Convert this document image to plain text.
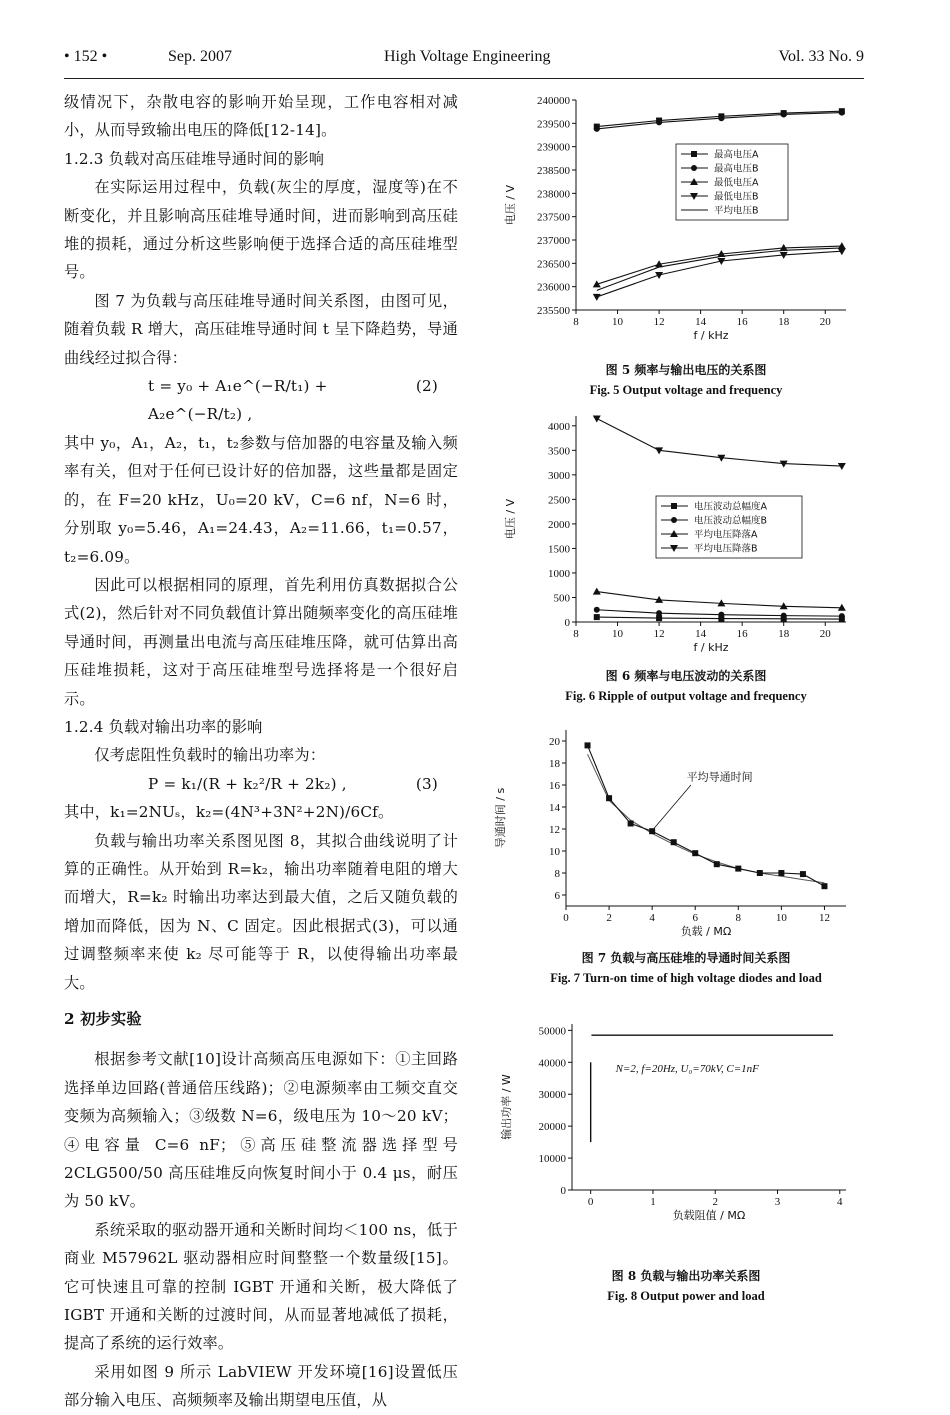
• 152 •	Sep. 2007	High Voltage Engineering	Vol. 33 No. 9

级情况下，杂散电容的影响开始呈现，工作电容相对减小，从而导致输出电压的降低[12-14]。

1.2.3 负载对高压硅堆导通时间的影响

在实际运用过程中，负载(灰尘的厚度，湿度等)在不断变化，并且影响高压硅堆导通时间，进而影响到高压硅堆的损耗，通过分析这些影响便于选择合适的高压硅堆型号。

图 7 为负载与高压硅堆导通时间关系图，由图可见，随着负载 R 增大，高压硅堆导通时间 t 呈下降趋势，导通曲线经过拟合得：

t = y₀ + A₁e^(−R/t₁) + A₂e^(−R/t₂) ,
(2)

其中 y₀，A₁，A₂，t₁，t₂参数与倍加器的电容量及输入频率有关，但对于任何已设计好的倍加器，这些量都是固定的，在 F=20 kHz，U₀=20 kV，C=6 nf，N=6 时，分别取 y₀=5.46，A₁=24.43，A₂=11.66，t₁=0.57，t₂=6.09。

因此可以根据相同的原理，首先利用仿真数据拟合公式(2)，然后针对不同负载值计算出随频率变化的高压硅堆导通时间，再测量出电流与高压硅堆压降，就可估算出高压硅堆损耗，这对于高压硅堆型号选择将是一个很好启示。

1.2.4 负载对输出功率的影响

仅考虑阻性负载时的输出功率为：

P = k₁/(R + k₂²/R + 2k₂) ,	(3)

其中，k₁=2NUₛ，k₂=(4N³+3N²+2N)/6Cf。

负载与输出功率关系图见图 8，其拟合曲线说明了计算的正确性。从开始到 R=k₂，输出功率随着电阻的增大而增大，R=k₂ 时输出功率达到最大值，之后又随负载的增加而降低，因为 N、C 固定。因此根据式(3)，可以通过调整频率来使 k₂ 尽可能等于 R，以使得输出功率最大。

2 初步实验

根据参考文献[10]设计高频高压电源如下：①主回路选择单边回路(普通倍压线路)；②电源频率由工频交直交变频为高频输入；③级数 N=6，级电压为 10～20 kV；④电容量 C=6 nF；⑤高压硅整流器选择型号 2CLG500/50 高压硅堆反向恢复时间小于 0.4 μs，耐压为 50 kV。

系统采取的驱动器开通和关断时间均＜100 ns，低于商业 M57962L 驱动器相应时间整整一个数量级[15]。它可快速且可靠的控制 IGBT 开通和关断，极大降低了 IGBT 开通和关断的过渡时间，从而显著地减低了损耗，提高了系统的运行效率。

采用如图 9 所示 LabVIEW 开发环境[16]设置低压部分输入电压、高频频率及输出期望电压值，从

235500
236000
236500
237000
237500
238000
238500
239000
239500
240000
8	10	12	14	16	18	20
f / kHz
电压 / V
最高电压A
最高电压B
最低电压A
最低电压B
平均电压B

图 5 频率与输出电压的关系图

Fig. 5 Output voltage and frequency

0
500
1000
1500
2000
2500
3000
3500
4000
8	10	12	14	16	18	20
f / kHz
电压 / V	电压波动总幅度A
电压波动总幅度B
平均电压降落A
平均电压降落B

图 6 频率与电压波动的关系图

Fig. 6 Ripple of output voltage and frequency

6
8
10
12
14
16
18
20
0	2	4	6	8	10	12
负载 / MΩ
导通时间 / s
平均导通时间

图 7 负载与高压硅堆的导通时间关系图

Fig. 7 Turn-on time of high voltage diodes and load

0
10000
20000
30000
40000
50000
0	1	2	3	4
负载阻值 / MΩ
输出功率 / W
N=2, f=20Hz, U₀=70kV, C=1nF

图 8 负载与输出功率关系图

Fig. 8 Output power and load
